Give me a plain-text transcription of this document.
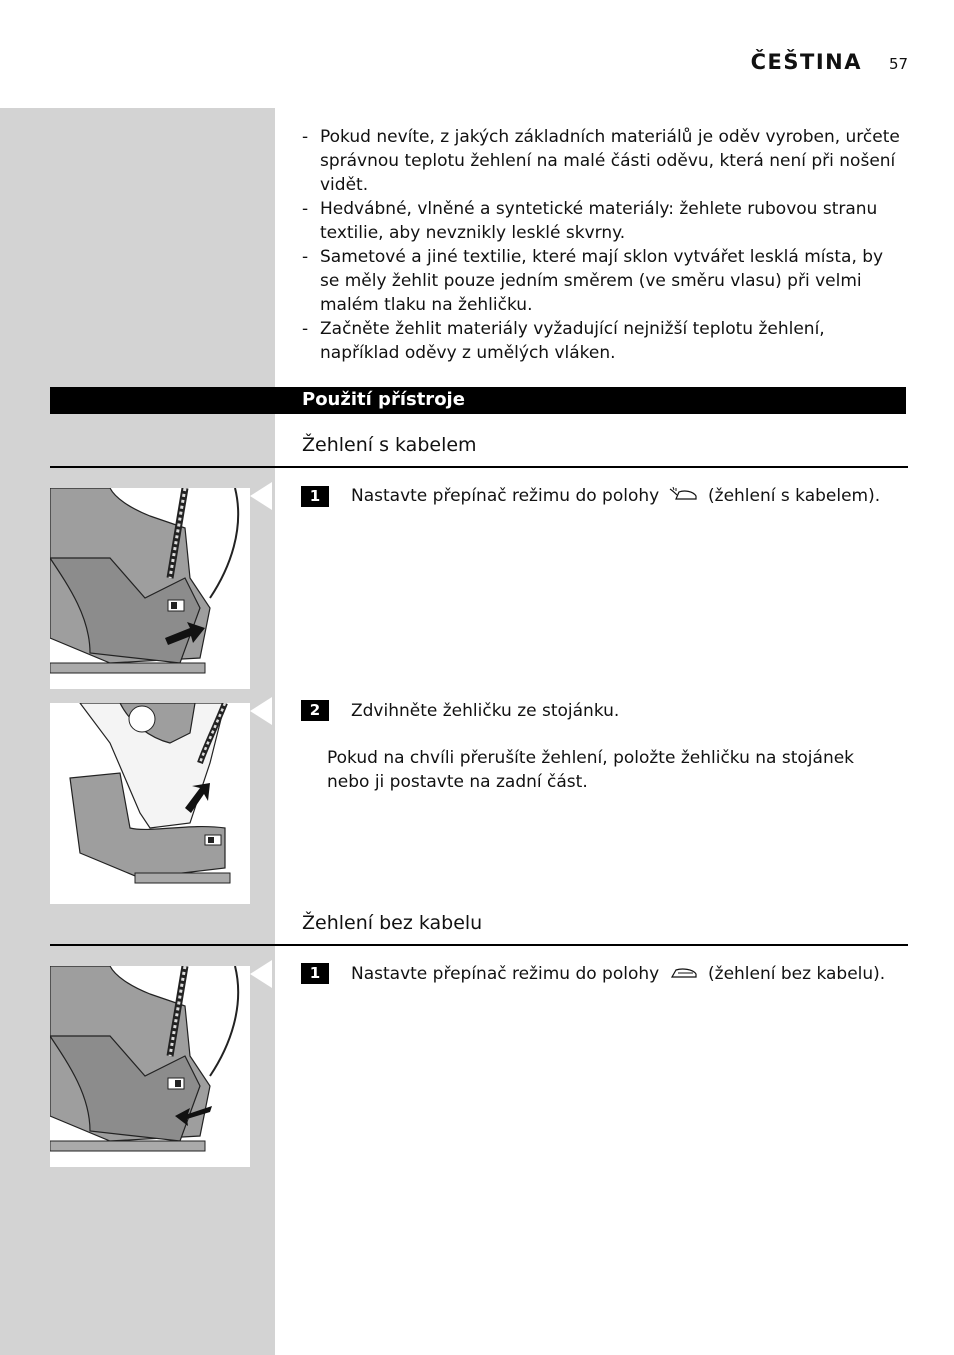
ČEŠTINA 57
- Pokud nevíte, z jakých základních materiálů je oděv vyroben, určete správnou teplotu žehlení na malé části oděvu, která není při nošení vidět.
- Hedvábné, vlněné a syntetické materiály: žehlete rubovou stranu textilie, aby nevznikly lesklé skvrny.
- Sametové a jiné textilie, které mají sklon vytvářet lesklá místa, by se měly žehlit pouze jedním směrem (ve směru vlasu) při velmi malém tlaku na žehličku.
- Začněte žehlit materiály vyžadující nejnižší teplotu žehlení, například oděvy z umělých vláken.
Použití přístroje
Žehlení s kabelem
1	Nastavte přepínač režimu do polohy	(žehlení s kabelem).
2	Zdvihněte žehličku ze stojánku.
Pokud na chvíli přerušíte žehlení, položte žehličku na stojánek nebo ji postavte na zadní část.
Žehlení bez kabelu
1	Nastavte přepínač režimu do polohy	(žehlení bez kabelu).
